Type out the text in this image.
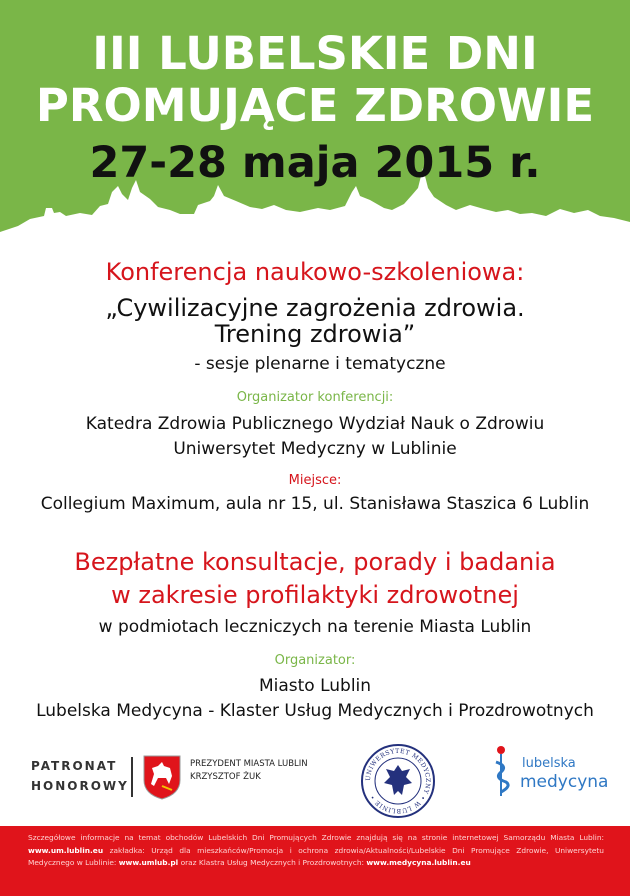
III LUBELSKIE DNI
PROMUJĄCE ZDROWIE
27-28 maja 2015 r.
Konferencja naukowo-szkoleniowa:
„Cywilizacyjne zagrożenia zdrowia.
Trening zdrowia”
- sesje plenarne i tematyczne
Organizator konferencji:
Katedra Zdrowia Publicznego Wydział Nauk o Zdrowiu
Uniwersytet Medyczny w Lublinie
Miejsce:
Collegium Maximum, aula nr 15, ul. Stanisława Staszica 6 Lublin
Bezpłatne konsultacje, porady i badania
w zakresie profilaktyki zdrowotnej
w podmiotach leczniczych na terenie Miasta Lublin
Organizator:
Miasto Lublin
Lubelska Medycyna - Klaster Usług Medycznych i Prozdrowotnych
PATRONAT
HONOROWY
PREZYDENT MIASTA LUBLIN
KRZYSZTOF ŻUK	UNIWERSYTET MEDYCZNY • W LUBLINIE •
lubelska
medycyna
Szczegółowe informacje na temat obchodów Lubelskich Dni Promujących Zdrowie znajdują się na stronie internetowej Samorządu Miasta Lublin: www.um.lublin.eu zakładka: Urząd dla mieszkańców/Promocja i ochrona zdrowia/Aktualności/Lubelskie Dni Promujące Zdrowie, Uniwersytetu Medycznego w Lublinie: www.umlub.pl oraz Klastra Usług Medycznych i Prozdrowotnych: www.medycyna.lublin.eu
